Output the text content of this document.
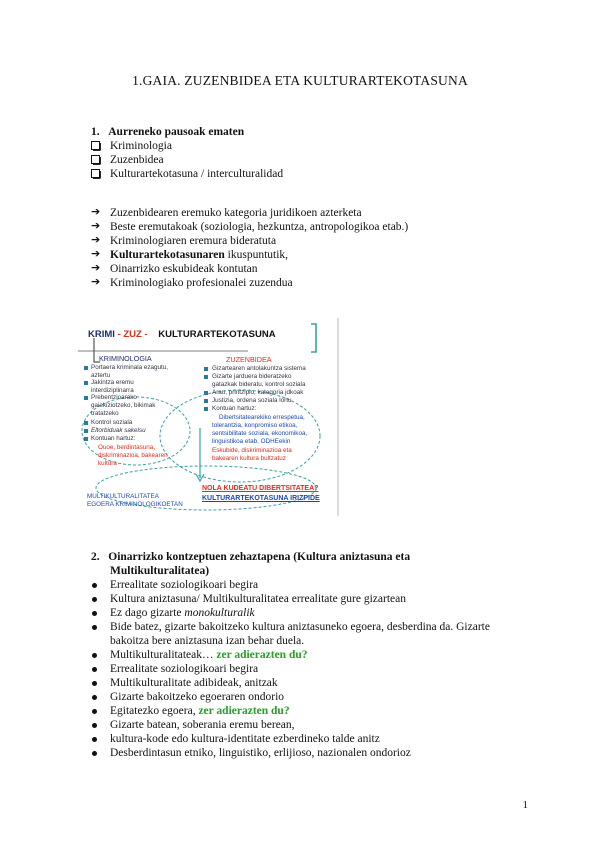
1.GAIA. ZUZENBIDEA ETA KULTURARTEKOTASUNA
1.   Aurreneko pausoak ematen
Kriminologia
Zuzenbidea
Kulturartekotasuna / interculturalidad
➔ Zuzenbidearen eremuko kategoria juridikoen azterketa
➔ Beste eremutakoak (soziologia, hezkuntza, antropologikoa etab.)
➔ Kriminologiaren eremura bideratuta
➔ Kulturartekotasunaren ikuspuntutik,
➔ Oinarrizko eskubideak kontutan
➔ Kriminologiako profesionalei zuzendua
KRIMI - ZUZ - KULTURARTEKOTASUNA
KRIMINOLOGIA
Portaera kriminala ezagutu,
aztertu
Jakintza eremu
interdiziplinarra
Prebentzioarako
gaiekiziotzeko, bikimak
tratatzeko
Kontrol soziala
Eltorbiduak sakelsu
Kontuan hartuz:
Ouoe, berdintasuna,
diskriminazioa, bakearen
kultura
MULTIKULTURALITATEA
EGOERA KRIMINOLOGIKOETAN
ZUZENBIDEA
Gizartearen antolakuntza sistema
Gizarte jarduera bideratzeko
gatazkak bideratu, kontrol soziala
Arau, printzipio, kategoria jdkoak
Justizia, ordena soziala lortu
Kontuan hartuz:
Dibertsitatearekiko errespetua,
tolerantzia, konpromiso etikoa,
sentsibilitate soziala, ekonomikoa,
linguistikoa etab. ODHEekin
Eskubide, diskriminazioa eta
bakearen kultura bultzatuz
NOLA KUDEATU DIBERTSITATEA?
KULTURARTEKOTASUNA IRIZPIDE
2.   Oinarrizko kontzeptuen zehaztapena (Kultura aniztasuna eta
Multikulturalitatea)
Errealitate soziologikoari begira
Kultura aniztasuna/ Multikulturalitatea errealitate gure gizartean
Ez dago gizarte monokulturalik
Bide batez, gizarte bakoitzeko kultura aniztasuneko egoera, desberdina da. Gizarte
bakoitza bere aniztasuna izan behar duela.
Multikulturalitateak… zer adierazten du?
Errealitate soziologikoari begira
Multikulturalitate adibideak, anitzak
Gizarte bakoitzeko egoeraren ondorio
Egitatezko egoera, zer adierazten du?
Gizarte batean, soberania eremu berean,
kultura-kode edo kultura-identitate ezberdineko talde anitz
Desberdintasun etniko, linguistiko, erlijioso, nazionalen ondorioz
1
